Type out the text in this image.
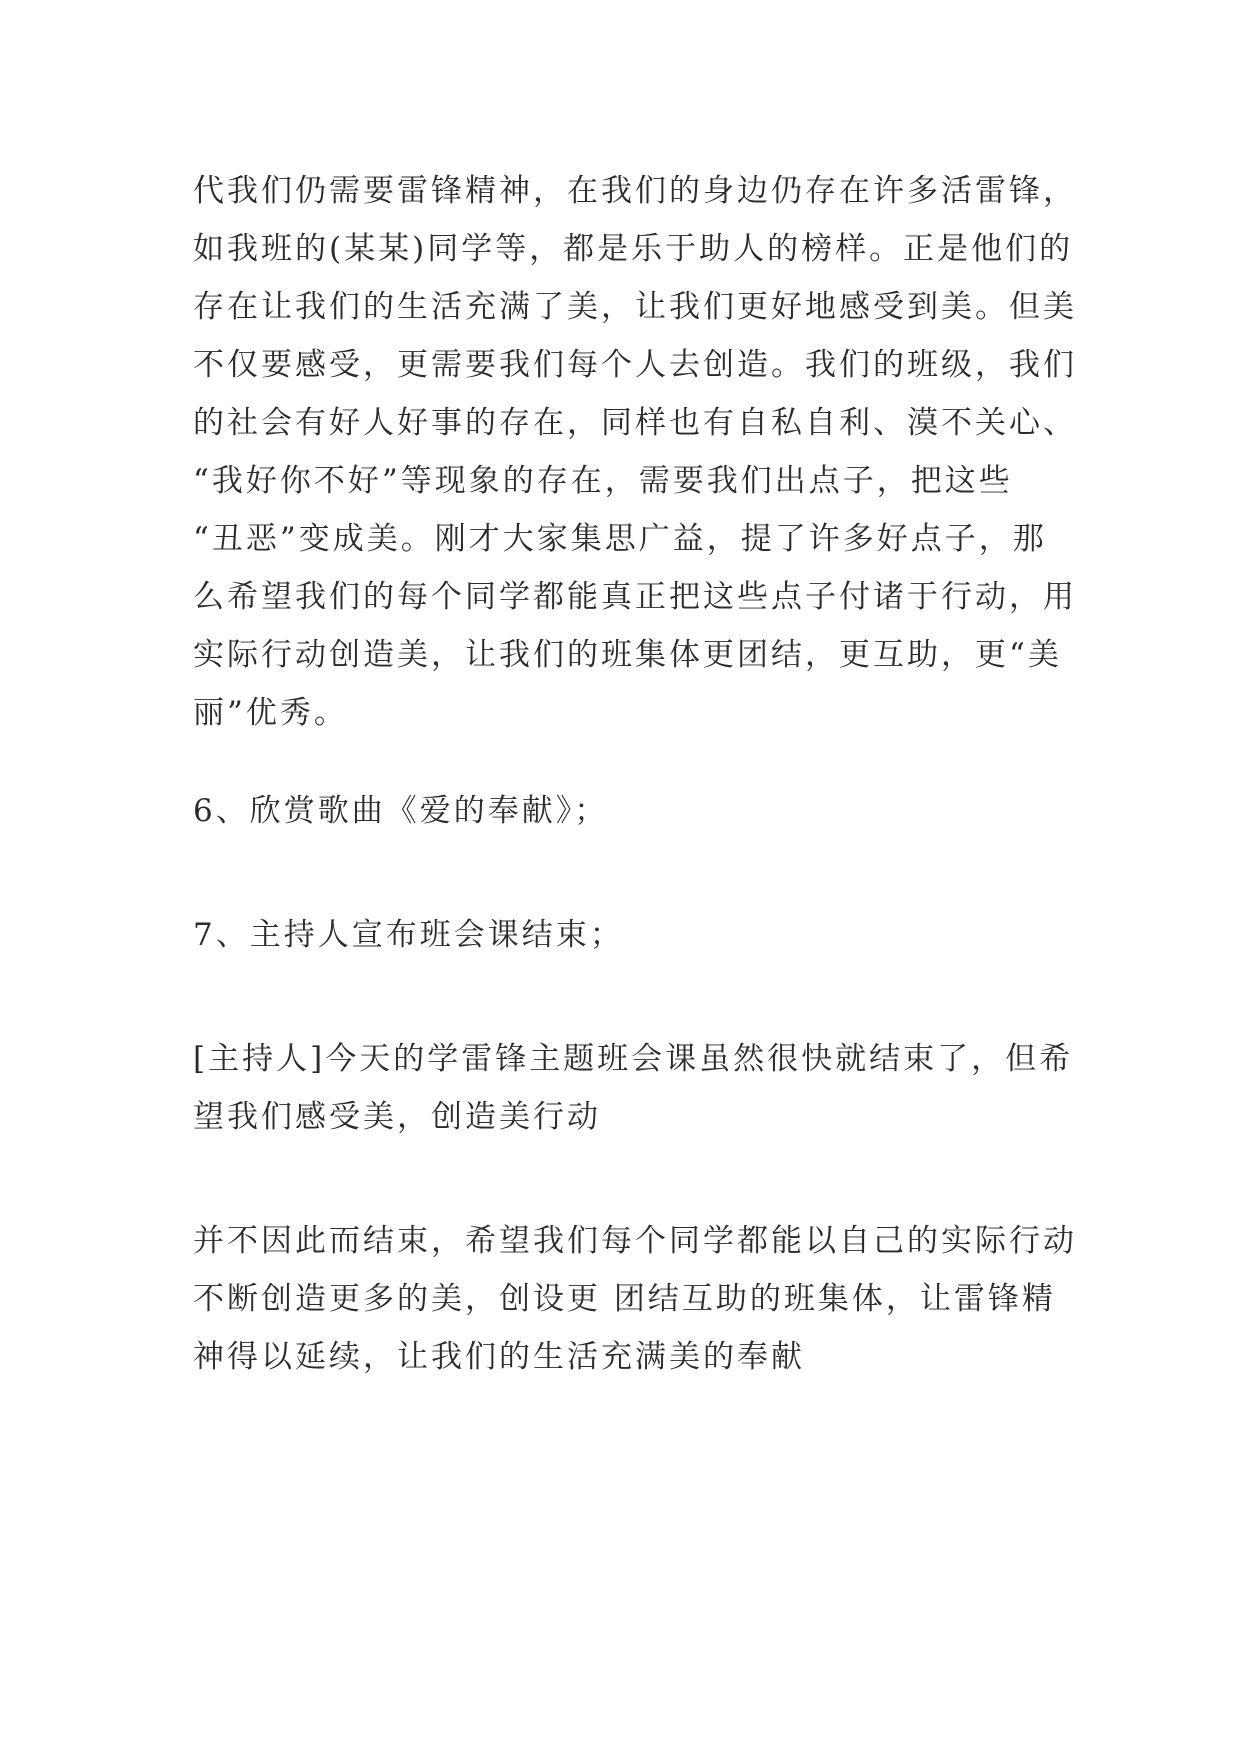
代我们仍需要雷锋精神，在我们的身边仍存在许多活雷锋，
如我班的(某某)同学等，都是乐于助人的榜样。正是他们的
存在让我们的生活充满了美，让我们更好地感受到美。但美
不仅要感受，更需要我们每个人去创造。我们的班级，我们
的社会有好人好事的存在，同样也有自私自利、漠不关心、
“我好你不好”等现象的存在，需要我们出点子，把这些
“丑恶”变成美。刚才大家集思广益，提了许多好点子，那
么希望我们的每个同学都能真正把这些点子付诸于行动，用
实际行动创造美，让我们的班集体更团结，更互助，更“美
丽”优秀。

6、欣赏歌曲《爱的奉献》；

7、主持人宣布班会课结束；

[主持人]今天的学雷锋主题班会课虽然很快就结束了，但希
望我们感受美，创造美行动
并不因此而结束，希望我们每个同学都能以自己的实际行动
不断创造更多的美，创设更 团结互助的班集体，让雷锋精
神得以延续，让我们的生活充满美的奉献
